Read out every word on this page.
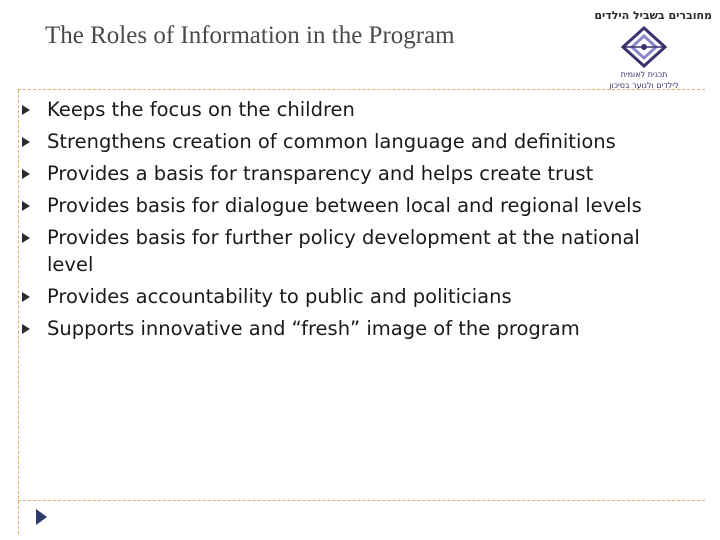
The Roles of Information in the Program
מחוברים בשביל הילדים
תכנית לאומית
לילדים ולנוער בסיכון
Keeps the focus on the children
Strengthens creation of common language and definitions
Provides a basis for transparency and helps create trust
Provides basis for dialogue between local and regional levels
Provides basis for further policy development at the national level
Provides accountability to public and politicians
Supports innovative and “fresh” image of the program
